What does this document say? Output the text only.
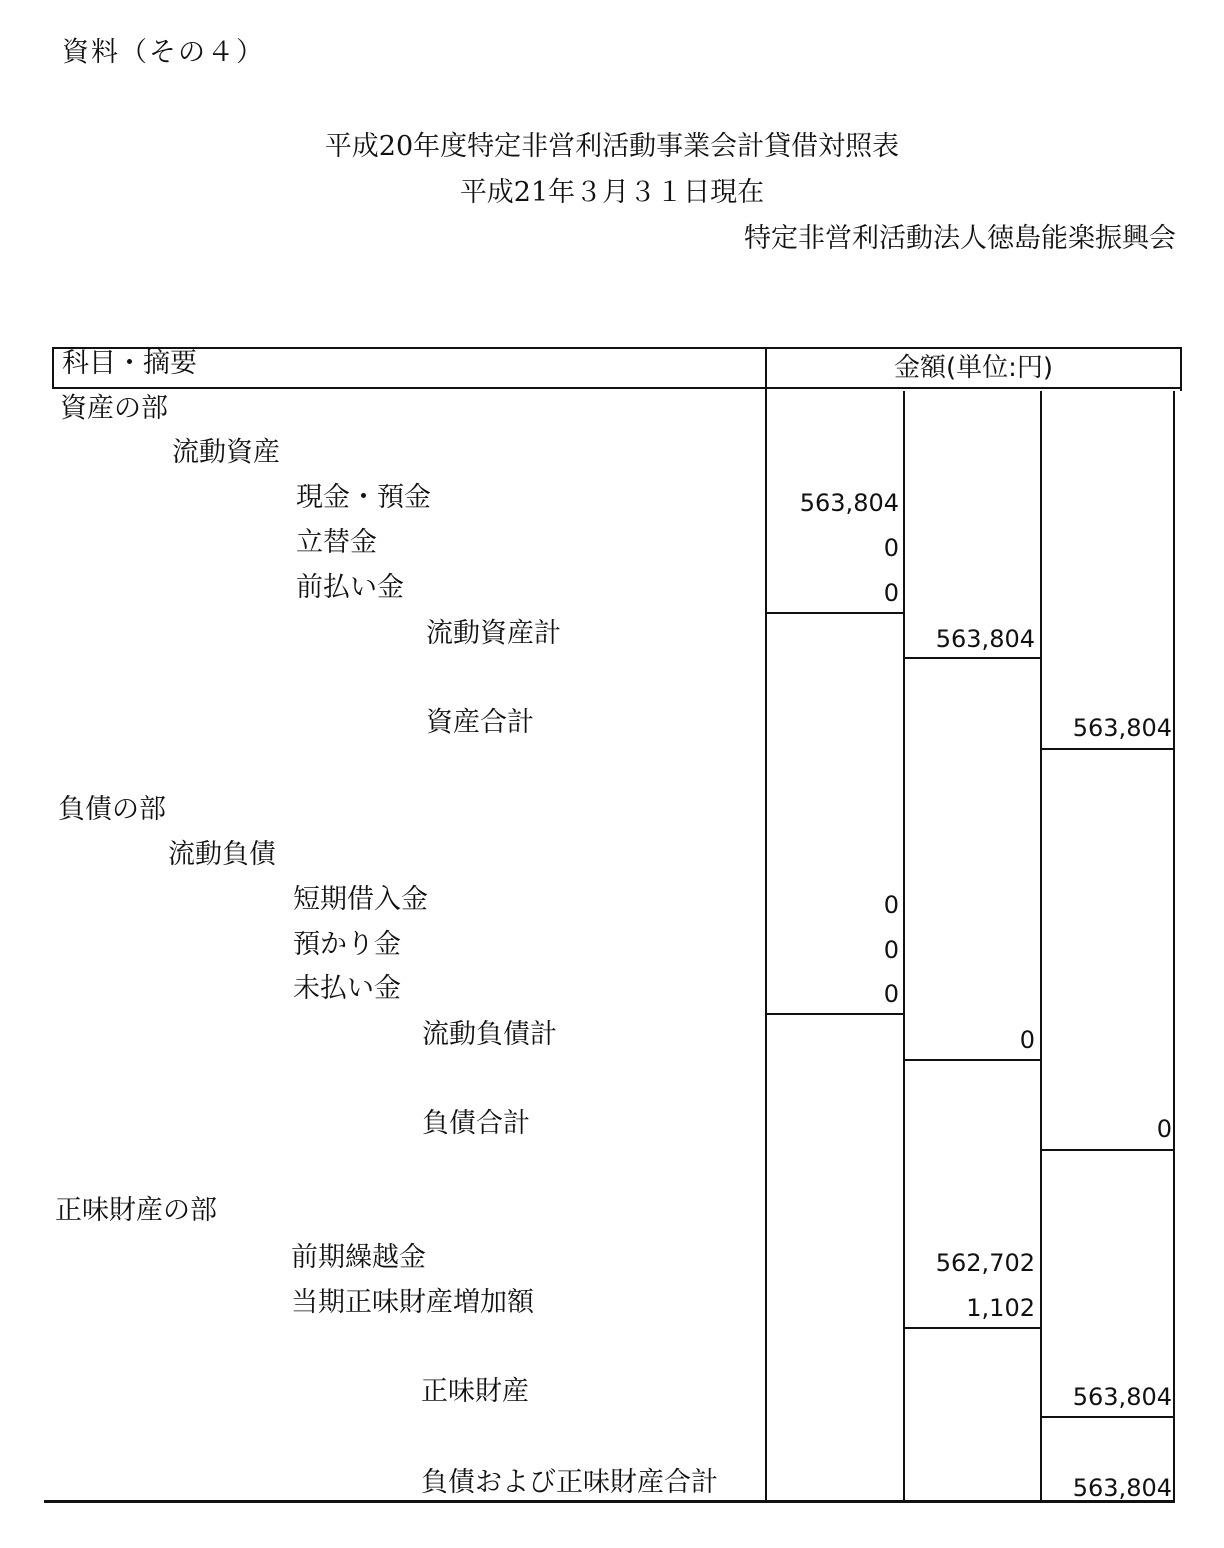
資料（その４）
平成20年度特定非営利活動事業会計貸借対照表
平成21年３月３１日現在
特定非営利活動法人徳島能楽振興会
科目・摘要	金額(単位:円)
資産の部
流動資産
現金・預金	563,804
立替金	0
前払い金	0
流動資産計	563,804
資産合計	563,804
負債の部
流動負債
短期借入金	0
預かり金	0
未払い金	0
流動負債計	0
負債合計	0
正味財産の部
前期繰越金	562,702
当期正味財産増加額	1,102
正味財産	563,804
負債および正味財産合計	563,804
